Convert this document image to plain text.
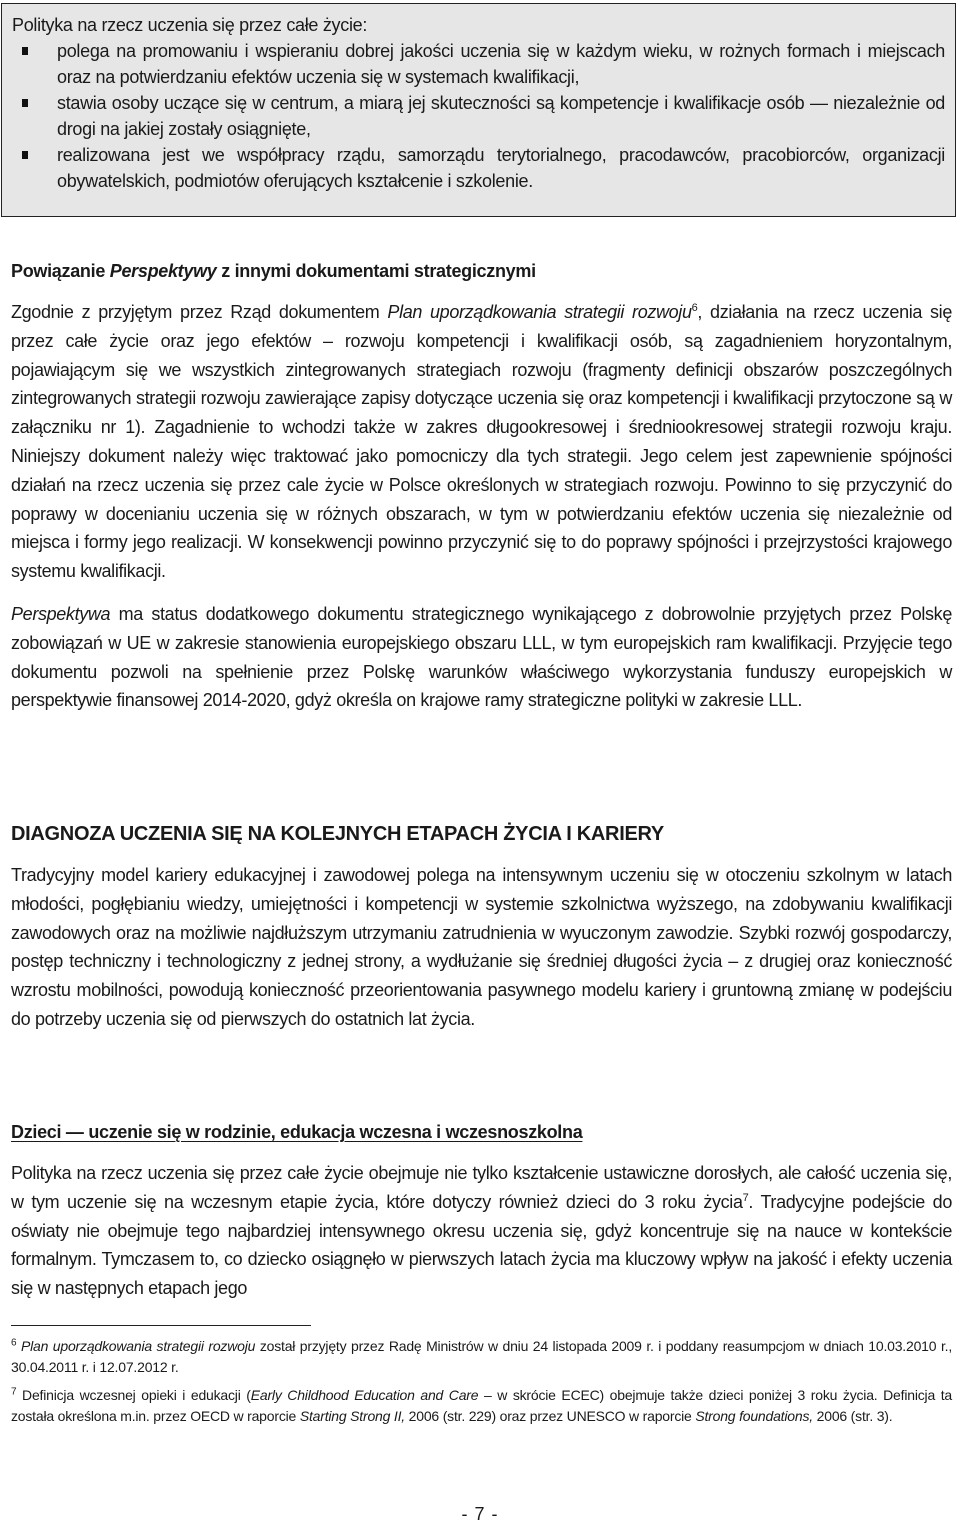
Polityka na rzecz uczenia się przez całe życie:

polega na promowaniu i wspieraniu dobrej jakości uczenia się w każdym wieku, w rożnych formach i miejscach oraz na potwierdzaniu efektów uczenia się w systemach kwalifikacji,
stawia osoby uczące się w centrum, a miarą jej skuteczności są kompetencje i kwalifikacje osób — niezależnie od drogi na jakiej zostały osiągnięte,
realizowana jest we współpracy rządu, samorządu terytorialnego, pracodawców, pracobiorców, organizacji obywatelskich, podmiotów oferujących kształcenie i szkolenie.
Powiązanie Perspektywy z innymi dokumentami strategicznymi

Zgodnie z przyjętym przez Rząd dokumentem Plan uporządkowania strategii rozwoju$^6$, działania na rzecz uczenia się przez całe życie oraz jego efektów – rozwoju kompetencji i kwalifikacji osób, są zagadnieniem horyzontalnym, pojawiającym się we wszystkich zintegrowanych strategiach rozwoju (fragmenty definicji obszarów poszczególnych zintegrowanych strategii rozwoju zawierające zapisy dotyczące uczenia się oraz kompetencji i kwalifikacji przytoczone są w załączniku nr 1). Zagadnienie to wchodzi także w zakres długookresowej i średniookresowej strategii rozwoju kraju. Niniejszy dokument należy więc traktować jako pomocniczy dla tych strategii. Jego celem jest zapewnienie spójności działań na rzecz uczenia się przez cale życie w Polsce określonych w strategiach rozwoju. Powinno to się przyczynić do poprawy w docenianiu uczenia się w różnych obszarach, w tym w potwierdzaniu efektów uczenia się niezależnie od miejsca i formy jego realizacji. W konsekwencji powinno przyczynić się to do poprawy spójności i przejrzystości krajowego systemu kwalifikacji.

Perspektywa ma status dodatkowego dokumentu strategicznego wynikającego z dobrowolnie przyjętych przez Polskę zobowiązań w UE w zakresie stanowienia europejskiego obszaru LLL, w tym europejskich ram kwalifikacji. Przyjęcie tego dokumentu pozwoli na spełnienie przez Polskę warunków właściwego wykorzystania funduszy europejskich w perspektywie finansowej 2014-2020, gdyż określa on krajowe ramy strategiczne polityki w zakresie LLL.

DIAGNOZA UCZENIA SIĘ NA KOLEJNYCH ETAPACH ŻYCIA I KARIERY

Tradycyjny model kariery edukacyjnej i zawodowej polega na intensywnym uczeniu się w otoczeniu szkolnym w latach młodości, pogłębianiu wiedzy, umiejętności i kompetencji w systemie szkolnictwa wyższego, na zdobywaniu kwalifikacji zawodowych oraz na możliwie najdłuższym utrzymaniu zatrudnienia w wyuczonym zawodzie. Szybki rozwój gospodarczy, postęp techniczny i technologiczny z jednej strony, a wydłużanie się średniej długości życia – z drugiej oraz konieczność wzrostu mobilności, powodują konieczność przeorientowania pasywnego modelu kariery i gruntowną zmianę w podejściu do potrzeby uczenia się od pierwszych do ostatnich lat życia.

Dzieci — uczenie się w rodzinie, edukacja wczesna i wczesnoszkolna

Polityka na rzecz uczenia się przez całe życie obejmuje nie tylko kształcenie ustawiczne dorosłych, ale całość uczenia się, w tym uczenie się na wczesnym etapie życia, które dotyczy również dzieci do 3 roku życia$^7$. Tradycyjne podejście do oświaty nie obejmuje tego najbardziej intensywnego okresu uczenia się, gdyż koncentruje się na nauce w kontekście formalnym. Tymczasem to, co dziecko osiągnęło w pierwszych latach życia ma kluczowy wpływ na jakość i efekty uczenia się w następnych etapach jego

$^6$ Plan uporządkowania strategii rozwoju został przyjęty przez Radę Ministrów w dniu 24 listopada 2009 r. i poddany reasumpcjom w dniach 10.03.2010 r., 30.04.2011 r. i 12.07.2012 r.
$^7$ Definicja wczesnej opieki i edukacji (Early Childhood Education and Care – w skrócie ECEC) obejmuje także dzieci poniżej 3 roku życia. Definicja ta została określona m.in. przez OECD w raporcie Starting Strong II, 2006 (str. 229) oraz przez UNESCO w raporcie Strong foundations, 2006 (str. 3).
- 7 -
